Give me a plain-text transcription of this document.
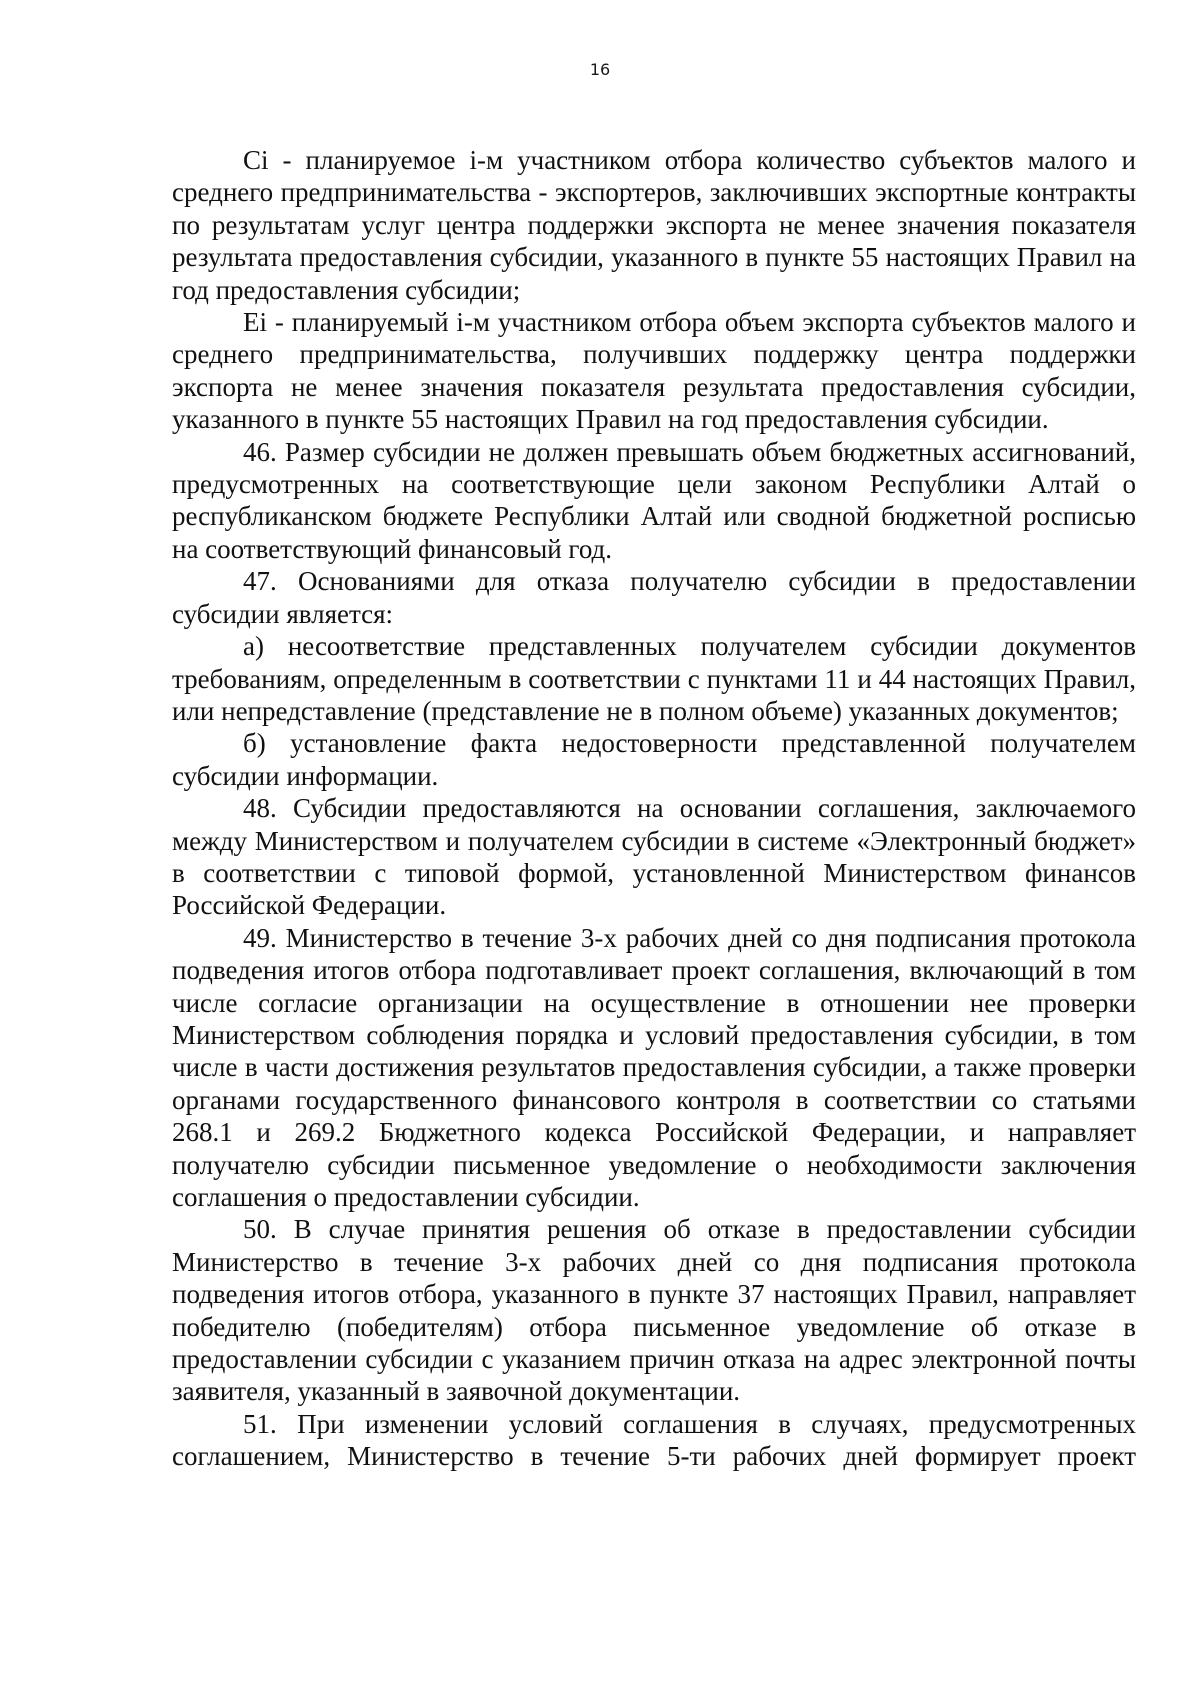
16

Ci - планируемое i-м участником отбора количество субъектов малого и среднего предпринимательства - экспортеров, заключивших экспортные контракты по результатам услуг центра поддержки экспорта не менее значения показателя результата предоставления субсидии, указанного в пункте 55 настоящих Правил на год предоставления субсидии;

Ei - планируемый i-м участником отбора объем экспорта субъектов малого и среднего предпринимательства, получивших поддержку центра поддержки экспорта не менее значения показателя результата предоставления субсидии, указанного в пункте 55 настоящих Правил на год предоставления субсидии.

46. Размер субсидии не должен превышать объем бюджетных ассигнований, предусмотренных на соответствующие цели законом Республики Алтай о республиканском бюджете Республики Алтай или сводной бюджетной росписью на соответствующий финансовый год.

47. Основаниями для отказа получателю субсидии в предоставлении субсидии является:

а) несоответствие представленных получателем субсидии документов требованиям, определенным в соответствии с пунктами 11 и 44 настоящих Правил, или непредставление (представление не в полном объеме) указанных документов;

б) установление факта недостоверности представленной получателем субсидии информации.

48. Субсидии предоставляются на основании соглашения, заключаемого между Министерством и получателем субсидии в системе «Электронный бюджет» в соответствии с типовой формой, установленной Министерством финансов Российской Федерации.

49. Министерство в течение 3-х рабочих дней со дня подписания протокола подведения итогов отбора подготавливает проект соглашения, включающий в том числе согласие организации на осуществление в отношении нее проверки Министерством соблюдения порядка и условий предоставления субсидии, в том числе в части достижения результатов предоставления субсидии, а также проверки органами государственного финансового контроля в соответствии со статьями 268.1 и 269.2 Бюджетного кодекса Российской Федерации, и направляет получателю субсидии письменное уведомление о необходимости заключения соглашения о предоставлении субсидии.

50. В случае принятия решения об отказе в предоставлении субсидии Министерство в течение 3-х рабочих дней со дня подписания протокола подведения итогов отбора, указанного в пункте 37 настоящих Правил, направляет победителю (победителям) отбора письменное уведомление об отказе в предоставлении субсидии с указанием причин отказа на адрес электронной почты заявителя, указанный в заявочной документации.

51. При изменении условий соглашения в случаях, предусмотренных соглашением, Министерство в течение 5-ти рабочих дней формирует проект
